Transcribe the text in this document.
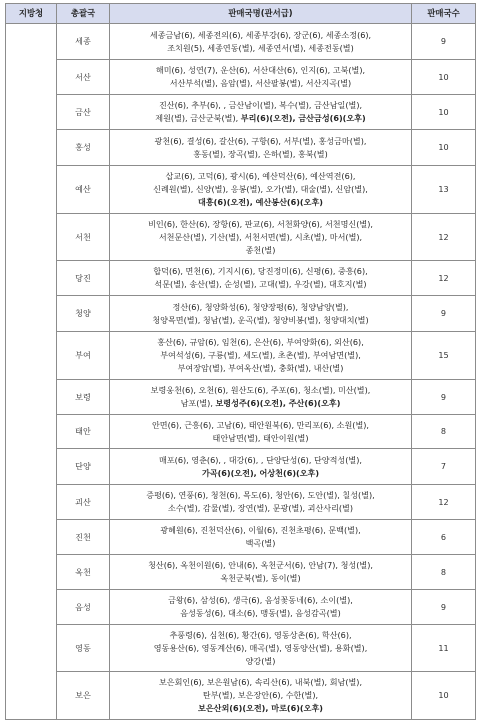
지방청	총괄국	판매국명(관서급)	판매국수
	세종	세종금남(6), 세종전의(6), 세종부강(6), 장군(6), 세종소정(6),
조치원(5), 세종연동(별), 세종연서(별), 세종전동(별)	9
	서산	해미(6), 성연(7), 운산(6), 서산대산(6), 인지(6), 고북(별),
서산부석(별), 음암(별), 서산팔봉(별), 서산지곡(별)	10
	금산	진산(6), 추부(6), , 금산남이(별), 복수(별), 금산남일(별),
제원(별), 금산군북(별), 부리(6)(오전), 금산금성(6)(오후)	10
	홍성	광천(6), 결성(6), 갈산(6), 구항(6), 서부(별), 홍성금마(별),
홍동(별), 장곡(별), 은하(별), 홍북(별)	10
	예산	삽교(6), 고덕(6), 광시(6), 예산덕산(6), 예산역전(6),
신례원(별), 신양(별), 응봉(별), 오가(별), 대술(별), 신암(별),
대흥(6)(오전), 예산봉산(6)(오후)	13
	서천	비인(6), 한산(6), 장항(6), 판교(6), 서천화양(6), 서천명신(별),
서천문산(별), 기산(별), 서천서면(별), 시초(별), 마서(별),
종천(별)	12
	당진	합덕(6), 면천(6), 기지시(6), 당진정미(6), 신평(6), 중흥(6),
석문(별), 송산(별), 순성(별), 고대(별), 우강(별), 대호지(별)	12
	청양	정산(6), 청양화성(6), 청양장평(6), 청양남양(별),
청양목면(별), 청남(별), 운곡(별), 청양비봉(별), 청양대치(별)	9
	부여	홍산(6), 규암(6), 임천(6), 은산(6), 부여양화(6), 외산(6),
부여석성(6), 구룡(별), 세도(별), 초촌(별), 부여남면(별),
부여장암(별), 부여옥산(별), 충화(별), 내산(별)	15
	보령	보령웅천(6), 오천(6), 원산도(6), 주포(6), 청소(별), 미산(별),
남포(별), 보령성주(6)(오전), 주산(6)(오후)	9
	태안	안면(6), 근흥(6), 고남(6), 태안원북(6), 만리포(6), 소원(별),
태안남면(별), 태안이원(별)	8
	단양	매포(6), 영춘(6), , 대강(6), , 단양단성(6), 단양적성(별),
가곡(6)(오전), 어상천(6)(오후)	7
	괴산	증평(6), 연풍(6), 청천(6), 목도(6), 청안(6), 도안(별), 칠성(별),
소수(별), 감물(별), 장연(별), 문광(별), 괴산사리(별)	12
	진천	광혜원(6), 진천덕산(6), 이월(6), 진천초평(6), 문백(별),
백곡(별)	6
	옥천	청산(6), 옥천이원(6), 안내(6), 옥천군서(6), 안남(7), 청성(별),
옥천군북(별), 동이(별)	8
	음성	금왕(6), 삼성(6), 생극(6), 음성꽃동네(6), 소이(별),
음성동성(6), 대소(6), 맹동(별), 음성감곡(별)	9
	영동	추풍령(6), 심천(6), 황간(6), 영동상촌(6), 학산(6),
영동용산(6), 영동계산(6), 매곡(별), 영동양산(별), 용화(별),
양강(별)	11
	보은	보은회인(6), 보은원남(6), 속리산(6), 내북(별), 회남(별),
탄부(별), 보은장안(6), 수한(별),
보은산외(6)(오전), 마로(6)(오후)	10
